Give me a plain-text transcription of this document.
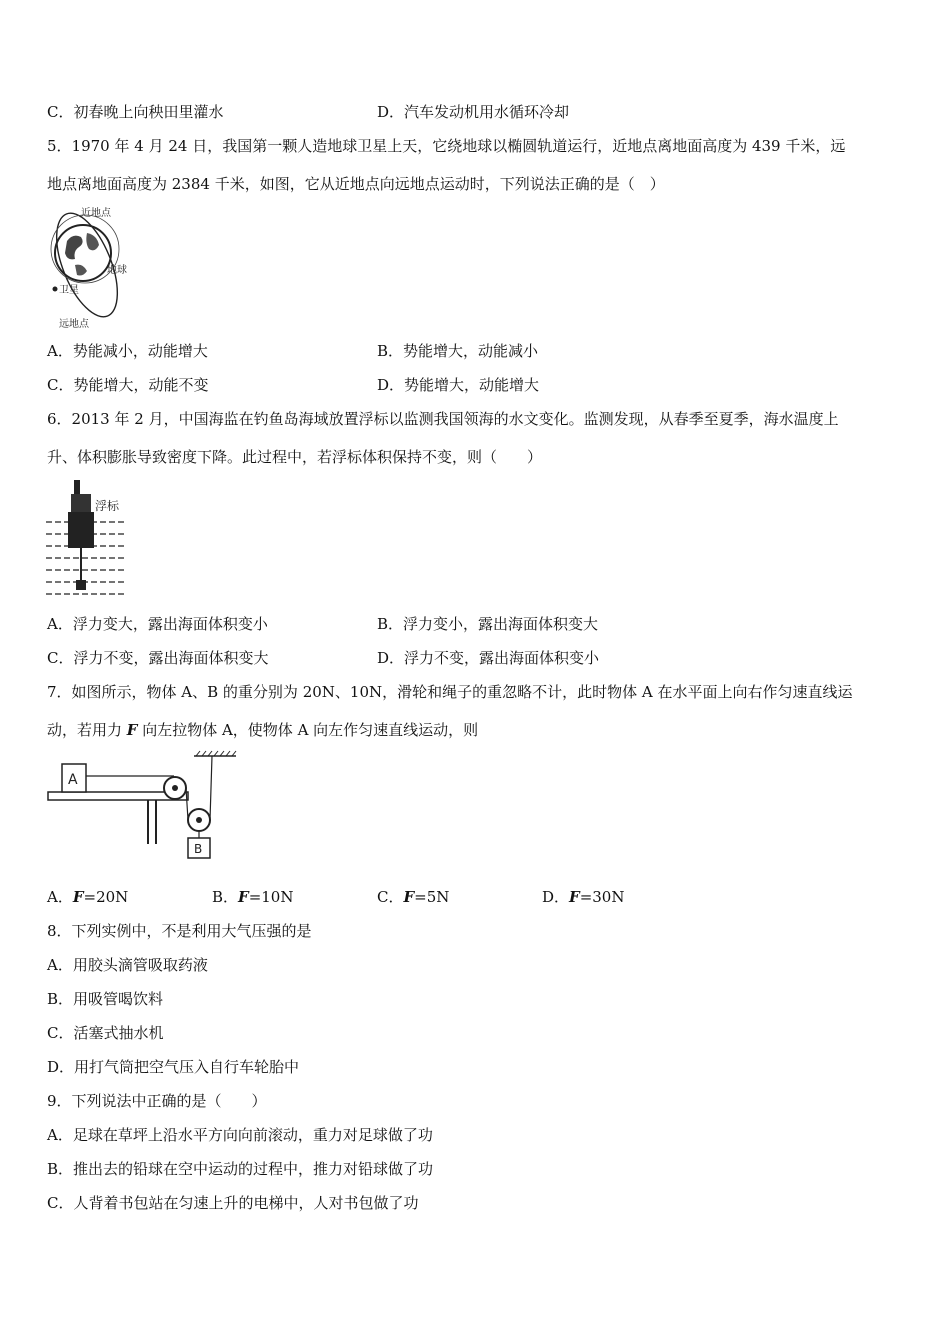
C．初春晚上向秧田里灌水	D．汽车发动机用水循环冷却
5．1970 年 4 月 24 日，我国第一颗人造地球卫星上天，它绕地球以椭圆轨道运行，近地点离地面高度为 439 千米，远
地点离地面高度为 2384 千米，如图，它从近地点向远地点运动时，下列说法正确的是（　）
近地点
地球
卫星
远地点
A．势能减小，动能增大	B．势能增大，动能减小
C．势能增大，动能不变	D．势能增大，动能增大
6．2013 年 2 月，中国海监在钓鱼岛海域放置浮标以监测我国领海的水文变化。监测发现，从春季至夏季，海水温度上
升、体积膨胀导致密度下降。此过程中，若浮标体积保持不变，则（　　）
浮标
A．浮力变大，露出海面体积变小	B．浮力变小，露出海面体积变大
C．浮力不变，露出海面体积变大	D．浮力不变，露出海面体积变小
7．如图所示，物体 A、B 的重分别为 20N、10N，滑轮和绳子的重忽略不计，此时物体 A 在水平面上向右作匀速直线运
动，若用力 F 向左拉物体 A，使物体 A 向左作匀速直线运动，则
A
B
A．F=20N	B．F=10N	C．F=5N	D．F=30N
8．下列实例中，不是利用大气压强的是
A．用胶头滴管吸取药液
B．用吸管喝饮料
C．活塞式抽水机
D．用打气筒把空气压入自行车轮胎中
9．下列说法中正确的是（　　）
A．足球在草坪上沿水平方向向前滚动，重力对足球做了功
B．推出去的铅球在空中运动的过程中，推力对铅球做了功
C．人背着书包站在匀速上升的电梯中，人对书包做了功
